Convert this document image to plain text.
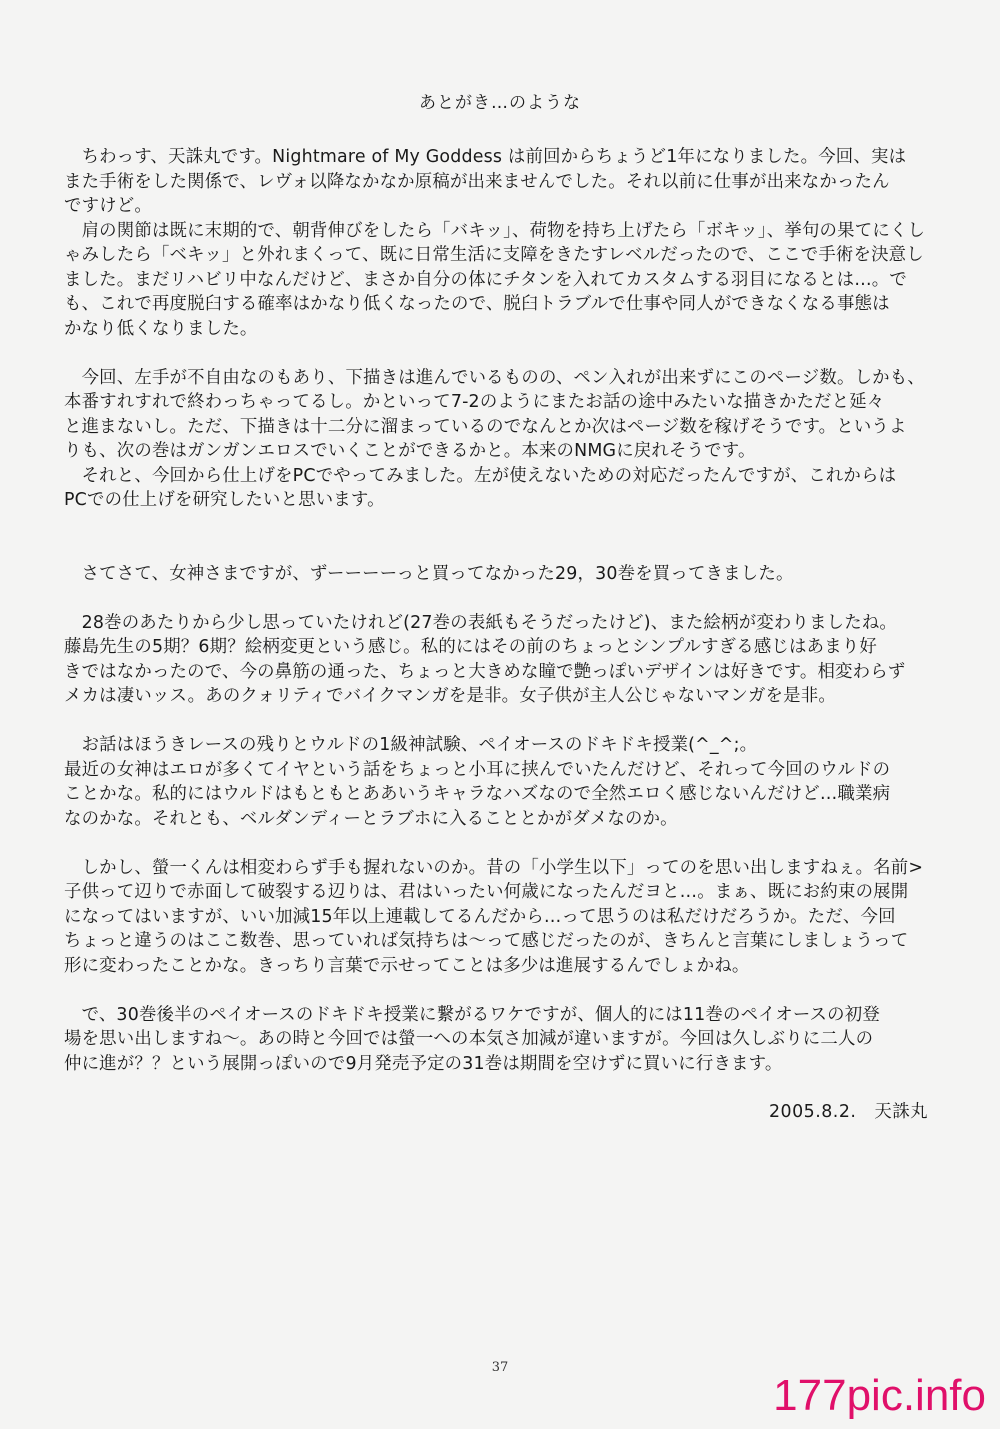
あとがき…のような
　ちわっす、天誅丸です。Nightmare of My Goddess は前回からちょうど1年になりました。今回、実は
また手術をした関係で、レヴォ以降なかなか原稿が出来ませんでした。それ以前に仕事が出来なかったん
ですけど。
　肩の関節は既に末期的で、朝背伸びをしたら「バキッ」、荷物を持ち上げたら「ボキッ」、挙句の果てにくし
ゃみしたら「ベキッ」と外れまくって、既に日常生活に支障をきたすレベルだったので、ここで手術を決意し
ました。まだリハビリ中なんだけど、まさか自分の体にチタンを入れてカスタムする羽目になるとは…。で
も、これで再度脱臼する確率はかなり低くなったので、脱臼トラブルで仕事や同人ができなくなる事態は
かなり低くなりました。
　今回、左手が不自由なのもあり、下描きは進んでいるものの、ペン入れが出来ずにこのページ数。しかも、
本番すれすれで終わっちゃってるし。かといって7-2のようにまたお話の途中みたいな描きかただと延々
と進まないし。ただ、下描きは十二分に溜まっているのでなんとか次はページ数を稼げそうです。というよ
りも、次の巻はガンガンエロスでいくことができるかと。本来のNMGに戻れそうです。
　それと、今回から仕上げをPCでやってみました。左が使えないための対応だったんですが、これからは
PCでの仕上げを研究したいと思います。
　さてさて、女神さまですが、ずーーーーっと買ってなかった29，30巻を買ってきました。
　28巻のあたりから少し思っていたけれど(27巻の表紙もそうだったけど)、また絵柄が変わりましたね。
藤島先生の5期？6期？絵柄変更という感じ。私的にはその前のちょっとシンプルすぎる感じはあまり好
きではなかったので、今の鼻筋の通った、ちょっと大きめな瞳で艶っぽいデザインは好きです。相変わらず
メカは凄いッス。あのクォリティでバイクマンガを是非。女子供が主人公じゃないマンガを是非。
　お話はほうきレースの残りとウルドの1級神試験、ペイオースのドキドキ授業(^_^;。
最近の女神はエロが多くてイヤという話をちょっと小耳に挟んでいたんだけど、それって今回のウルドの
ことかな。私的にはウルドはもともとああいうキャラなハズなので全然エロく感じないんだけど…職業病
なのかな。それとも、ベルダンディーとラブホに入ることとかがダメなのか。
　しかし、螢一くんは相変わらず手も握れないのか。昔の「小学生以下」ってのを思い出しますねぇ。名前>
子供って辺りで赤面して破裂する辺りは、君はいったい何歳になったんだヨと…。まぁ、既にお約束の展開
になってはいますが、いい加減15年以上連載してるんだから…って思うのは私だけだろうか。ただ、今回
ちょっと違うのはここ数巻、思っていれば気持ちは〜って感じだったのが、きちんと言葉にしましょうって
形に変わったことかな。きっちり言葉で示せってことは多少は進展するんでしょかね。
　で、30巻後半のペイオースのドキドキ授業に繋がるワケですが、個人的には11巻のペイオースの初登
場を思い出しますね〜。あの時と今回では螢一への本気さ加減が違いますが。今回は久しぶりに二人の
仲に進が？？という展開っぽいので9月発売予定の31巻は期間を空けずに買いに行きます。
2005.8.2.　天誅丸
37
177pic.info
